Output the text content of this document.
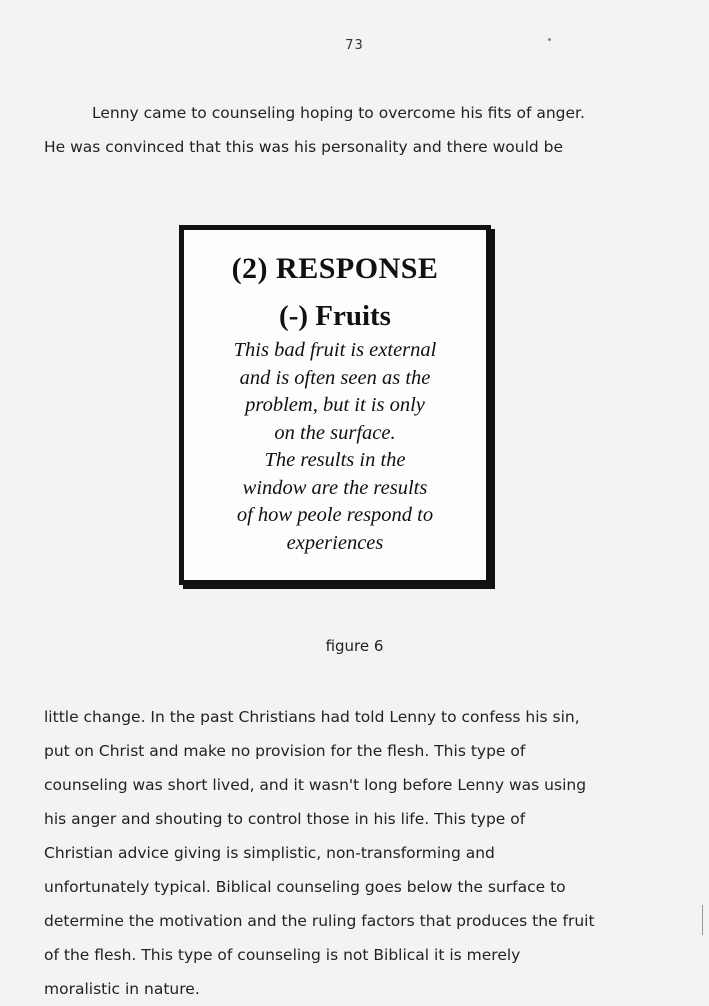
73
Lenny came to counseling hoping to overcome his fits of anger.
He was convinced that this was his personality and there would be
(2) RESPONSE
(-) Fruits
This bad fruit is external
and is often seen as the
problem, but it is only
on the surface.
The results in the
window are the results
of how peole respond to
experiences
figure 6
little change. In the past Christians had told Lenny to confess his sin,
put on Christ and make no provision for the flesh. This type of
counseling was short lived, and it wasn't long before Lenny was using
his anger and shouting to control those in his life. This type of
Christian advice giving is simplistic, non-transforming and
unfortunately typical. Biblical counseling goes below the surface to
determine the motivation and the ruling factors that produces the fruit
of the flesh. This type of counseling is not Biblical it is merely
moralistic in nature.
